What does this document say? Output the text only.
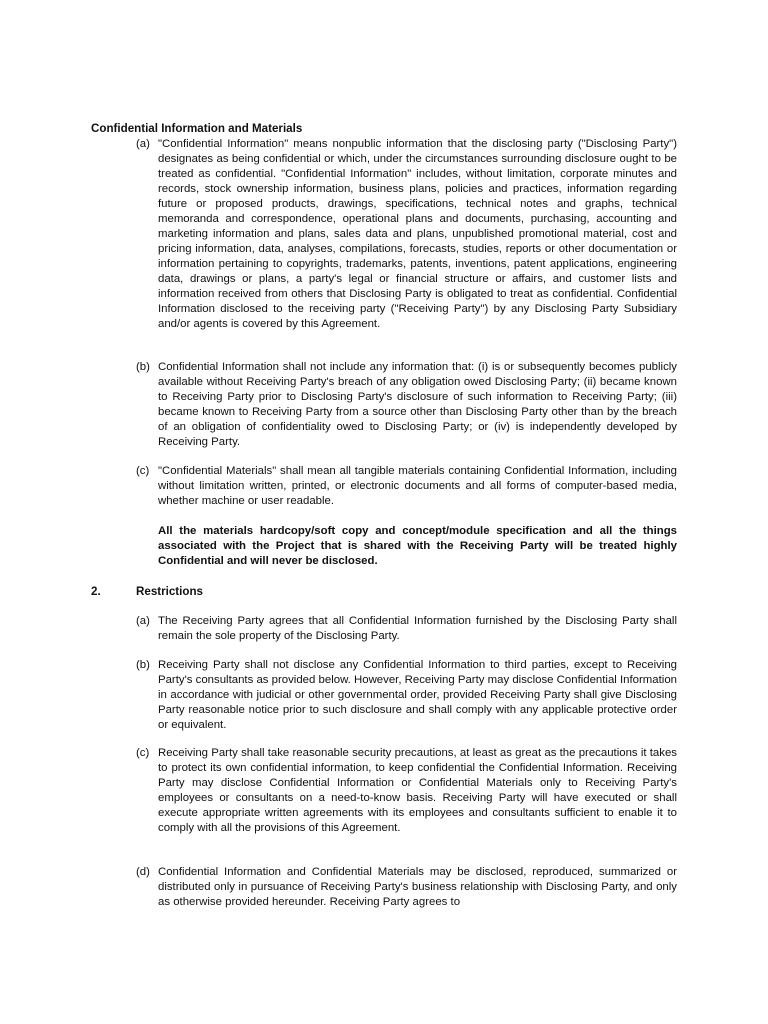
Confidential Information and Materials
(a) "Confidential Information" means nonpublic information that the disclosing party ("Disclosing Party") designates as being confidential or which, under the circumstances surrounding disclosure ought to be treated as confidential. "Confidential Information" includes, without limitation, corporate minutes and records, stock ownership information, business plans, policies and practices, information regarding future or proposed products, drawings, specifications, technical notes and graphs, technical memoranda and correspondence, operational plans and documents, purchasing, accounting and marketing information and plans, sales data and plans, unpublished promotional material, cost and pricing information, data, analyses, compilations, forecasts, studies, reports or other documentation or information pertaining to copyrights, trademarks, patents, inventions, patent applications, engineering data, drawings or plans, a party's legal or financial structure or affairs, and customer lists and information received from others that Disclosing Party is obligated to treat as confidential. Confidential Information disclosed to the receiving party ("Receiving Party") by any Disclosing Party Subsidiary and/or agents is covered by this Agreement.
(b) Confidential Information shall not include any information that: (i) is or subsequently becomes publicly available without Receiving Party's breach of any obligation owed Disclosing Party; (ii) became known to Receiving Party prior to Disclosing Party's disclosure of such information to Receiving Party; (iii) became known to Receiving Party from a source other than Disclosing Party other than by the breach of an obligation of confidentiality owed to Disclosing Party; or (iv) is independently developed by Receiving Party.
(c) "Confidential Materials" shall mean all tangible materials containing Confidential Information, including without limitation written, printed, or electronic documents and all forms of computer-based media, whether machine or user readable.
All the materials hardcopy/soft copy and concept/module specification and all the things associated with the Project that is shared with the Receiving Party will be treated highly Confidential and will never be disclosed.
2.	Restrictions
(a) The Receiving Party agrees that all Confidential Information furnished by the Disclosing Party shall remain the sole property of the Disclosing Party.
(b) Receiving Party shall not disclose any Confidential Information to third parties, except to Receiving Party's consultants as provided below. However, Receiving Party may disclose Confidential Information in accordance with judicial or other governmental order, provided Receiving Party shall give Disclosing Party reasonable notice prior to such disclosure and shall comply with any applicable protective order or equivalent.
(c) Receiving Party shall take reasonable security precautions, at least as great as the precautions it takes to protect its own confidential information, to keep confidential the Confidential Information. Receiving Party may disclose Confidential Information or Confidential Materials only to Receiving Party's employees or consultants on a need-to-know basis. Receiving Party will have executed or shall execute appropriate written agreements with its employees and consultants sufficient to enable it to comply with all the provisions of this Agreement.
(d) Confidential Information and Confidential Materials may be disclosed, reproduced, summarized or distributed only in pursuance of Receiving Party's business relationship with Disclosing Party, and only as otherwise provided hereunder. Receiving Party agrees to
